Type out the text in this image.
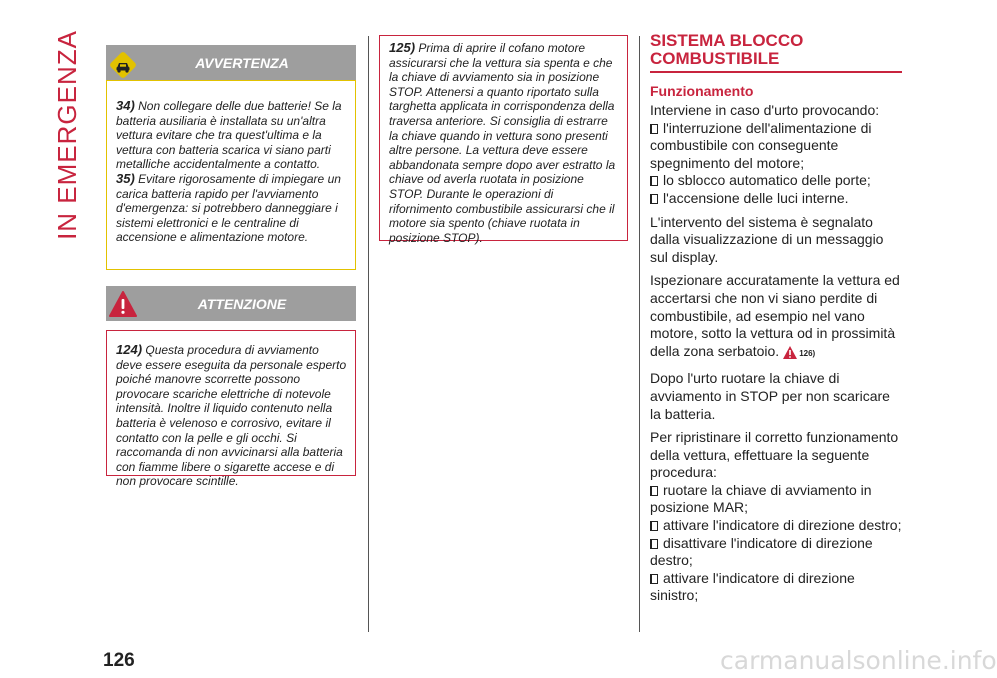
IN EMERGENZA	AVVERTENZA

34) Non collegare delle due batterie! Se la batteria ausiliaria è installata su un'altra vettura evitare che tra quest'ultima e la vettura con batteria scarica vi siano parti metalliche accidentalmente a contatto.

35) Evitare rigorosamente di impiegare un carica batteria rapido per l'avviamento d'emergenza: si potrebbero danneggiare i sistemi elettronici e le centraline di accensione e alimentazione motore.

ATTENZIONE

124) Questa procedura di avviamento deve essere eseguita da personale esperto poiché manovre scorrette possono provocare scariche elettriche di notevole intensità. Inoltre il liquido contenuto nella batteria è velenoso e corrosivo, evitare il contatto con la pelle e gli occhi. Si raccomanda di non avvicinarsi alla batteria con fiamme libere o sigarette accese e di non provocare scintille.

125) Prima di aprire il cofano motore assicurarsi che la vettura sia spenta e che la chiave di avviamento sia in posizione STOP. Attenersi a quanto riportato sulla targhetta applicata in corrispondenza della traversa anteriore. Si consiglia di estrarre la chiave quando in vettura sono presenti altre persone. La vettura deve essere abbandonata sempre dopo aver estratto la chiave od averla ruotata in posizione STOP. Durante le operazioni di rifornimento combustibile assicurarsi che il motore sia spento (chiave ruotata in posizione STOP).

SISTEMA BLOCCO COMBUSTIBILE
Funzionamento

Interviene in caso d'urto provocando:

l'interruzione dell'alimentazione di combustibile con conseguente spegnimento del motore;

lo sblocco automatico delle porte;

l'accensione delle luci interne.

L'intervento del sistema è segnalato dalla visualizzazione di un messaggio sul display.

Ispezionare accuratamente la vettura ed accertarsi che non vi siano perdite di combustibile, ad esempio nel vano motore, sotto la vettura od in prossimità della zona serbatoio.	126)

Dopo l'urto ruotare la chiave di avviamento in STOP per non scaricare la batteria.

Per ripristinare il corretto funzionamento della vettura, effettuare la seguente procedura:

ruotare la chiave di avviamento in posizione MAR;

attivare l'indicatore di direzione destro;

disattivare l'indicatore di direzione destro;

attivare l'indicatore di direzione sinistro;

126	carmanualsonline.info
